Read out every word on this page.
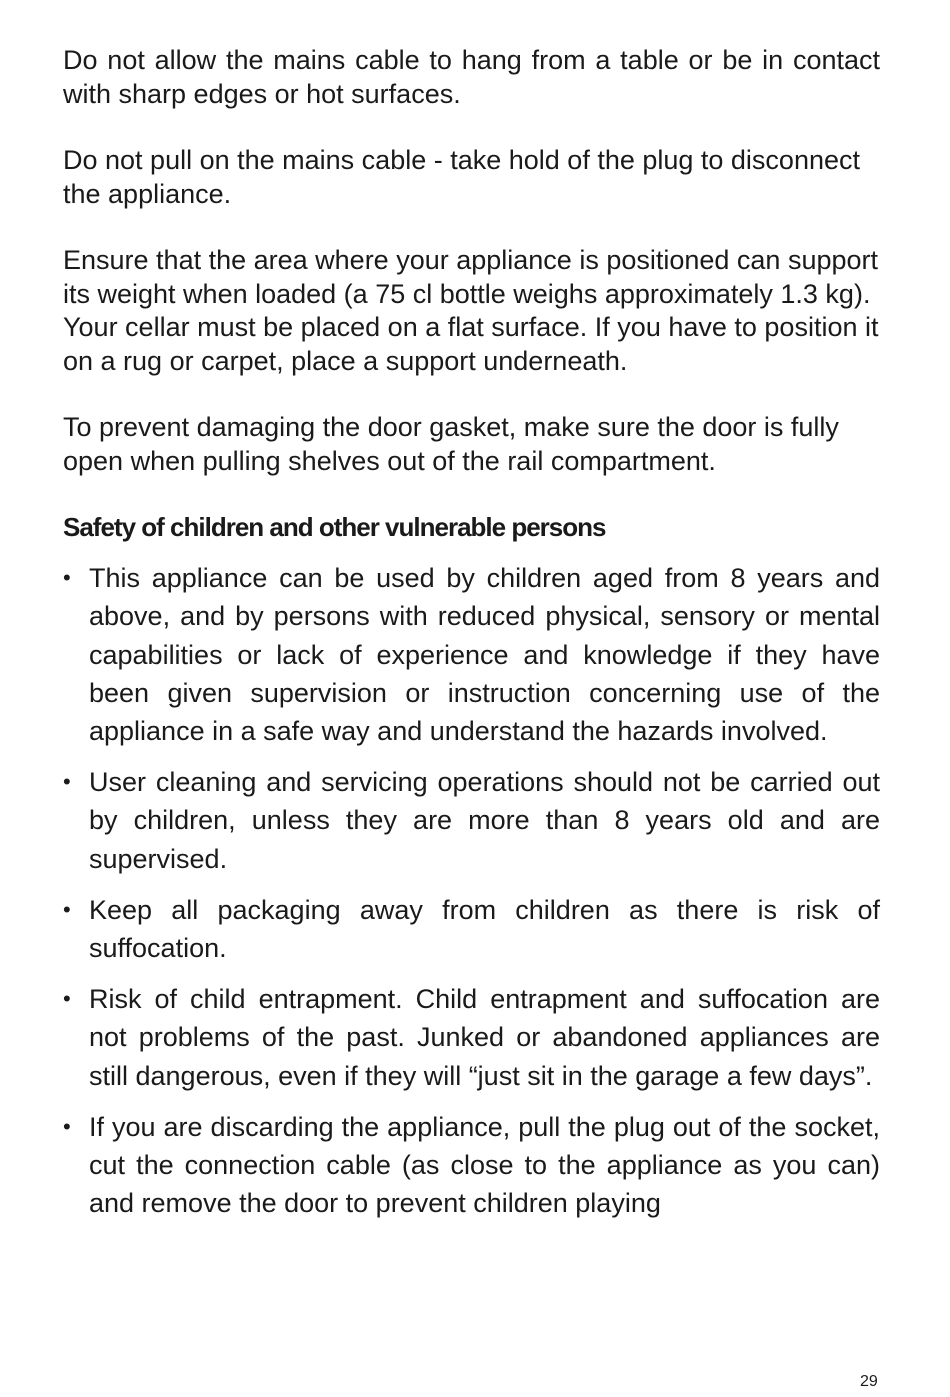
Do not allow the mains cable to hang from a table or be in contact with sharp edges or hot surfaces.

Do not pull on the mains cable - take hold of the plug to disconnect the appliance.

Ensure that the area where your appliance is positioned can support its weight when loaded (a 75 cl bottle weighs approximately 1.3 kg). Your cellar must be placed on a flat surface. If you have to position it on a rug or carpet, place a support underneath.

To prevent damaging the door gasket, make sure the door is fully open when pulling shelves out of the rail compartment.

Safety of children and other vulnerable persons
• This appliance can be used by children aged from 8 years and above, and by persons with reduced physical, sensory or mental capabilities or lack of experience and knowledge if they have been given supervision or instruction concerning use of the appliance in a safe way and understand the hazards involved.
• User cleaning and servicing operations should not be carried out by children, unless they are more than 8 years old and are supervised.
• Keep all packaging away from children as there is risk of suffocation.
• Risk of child entrapment. Child entrapment and suffocation are not problems of the past. Junked or abandoned appliances are still dangerous, even if they will “just sit in the garage a few days”.
• If you are discarding the appliance, pull the plug out of the socket, cut the connection cable (as close to the appliance as you can) and remove the door to prevent children playing
29
